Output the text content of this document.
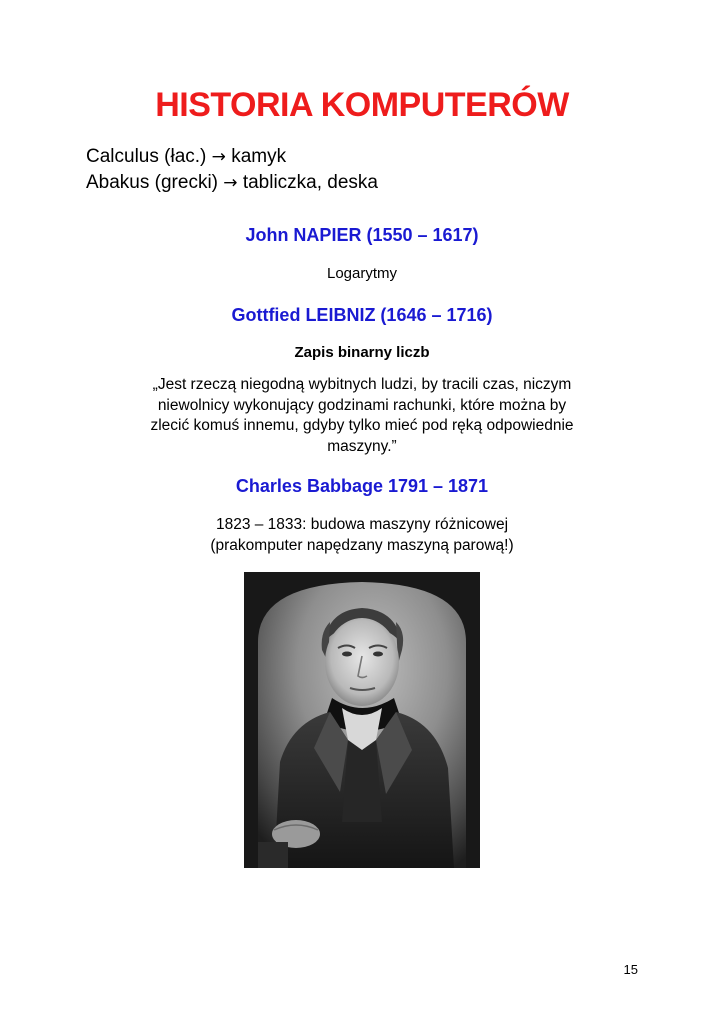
HISTORIA KOMPUTERÓW
Calculus (łac.) → kamyk
Abakus (grecki) → tabliczka, deska
John NAPIER (1550 – 1617)
Logarytmy
Gottfied LEIBNIZ (1646 – 1716)
Zapis binarny liczb
„Jest rzeczą niegodną wybitnych ludzi, by tracili czas, niczym
niewolnicy wykonujący godzinami rachunki, które można by
zlecić komuś innemu, gdyby tylko mieć pod ręką odpowiednie
maszyny.”
Charles Babbage 1791 – 1871
1823 – 1833: budowa maszyny różnicowej
(prakomputer napędzany maszyną parową!)
15
